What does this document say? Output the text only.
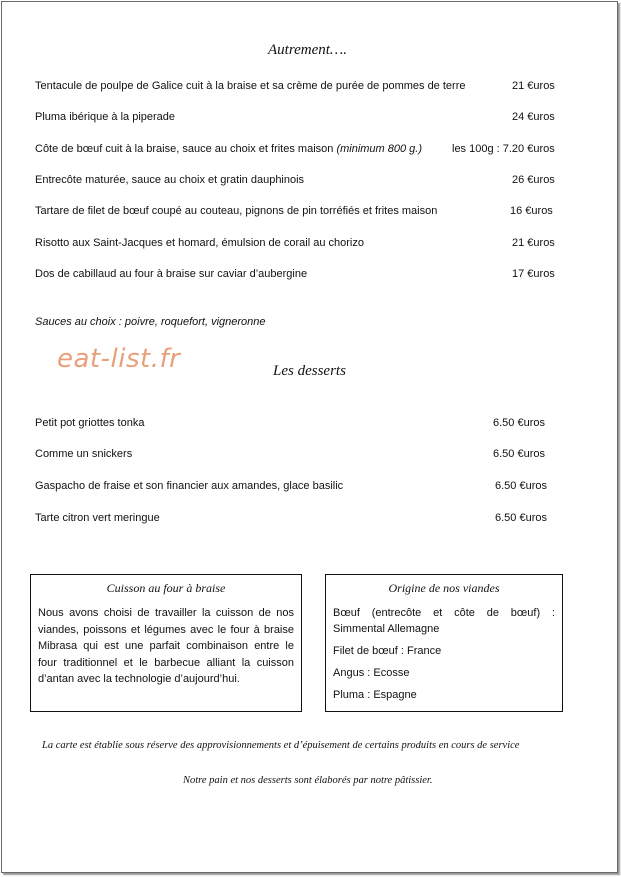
Autrement….
Tentacule de poulpe de Galice cuit à la braise et sa crème de purée de pommes de terre	21 €uros
Pluma ibérique à la piperade	24 €uros
Côte de bœuf cuit à la braise, sauce au choix et frites maison (minimum 800 g.)	les 100g : 7.20 €uros
Entrecôte maturée, sauce au choix et gratin dauphinois	26 €uros
Tartare de filet de bœuf coupé au couteau, pignons de pin torréfiés et frites maison	16 €uros
Risotto aux Saint-Jacques et homard, émulsion de corail au chorizo	21 €uros
Dos de cabillaud au four à braise sur caviar d’aubergine	17 €uros
Sauces au choix : poivre, roquefort, vigneronne
eat-list.fr	Les desserts
Petit pot griottes tonka	6.50 €uros
Comme un snickers	6.50 €uros
Gaspacho de fraise et son financier aux amandes, glace basilic	6.50 €uros
Tarte citron vert meringue	6.50 €uros
Cuisson au four à braise
Nous avons choisi de travailler la cuisson de nos viandes, poissons et légumes avec le four à braise Mibrasa qui est une parfait combinaison entre le four traditionnel et le barbecue alliant la cuisson d’antan avec la technologie d’aujourd’hui.
Origine de nos viandes
Bœuf (entrecôte et côte de bœuf) : Simmental Allemagne
Filet de bœuf : France
Angus : Ecosse
Pluma : Espagne
La carte est établie sous réserve des approvisionnements et d’épuisement de certains produits en cours de service
Notre pain et nos desserts sont élaborés par notre pâtissier.
